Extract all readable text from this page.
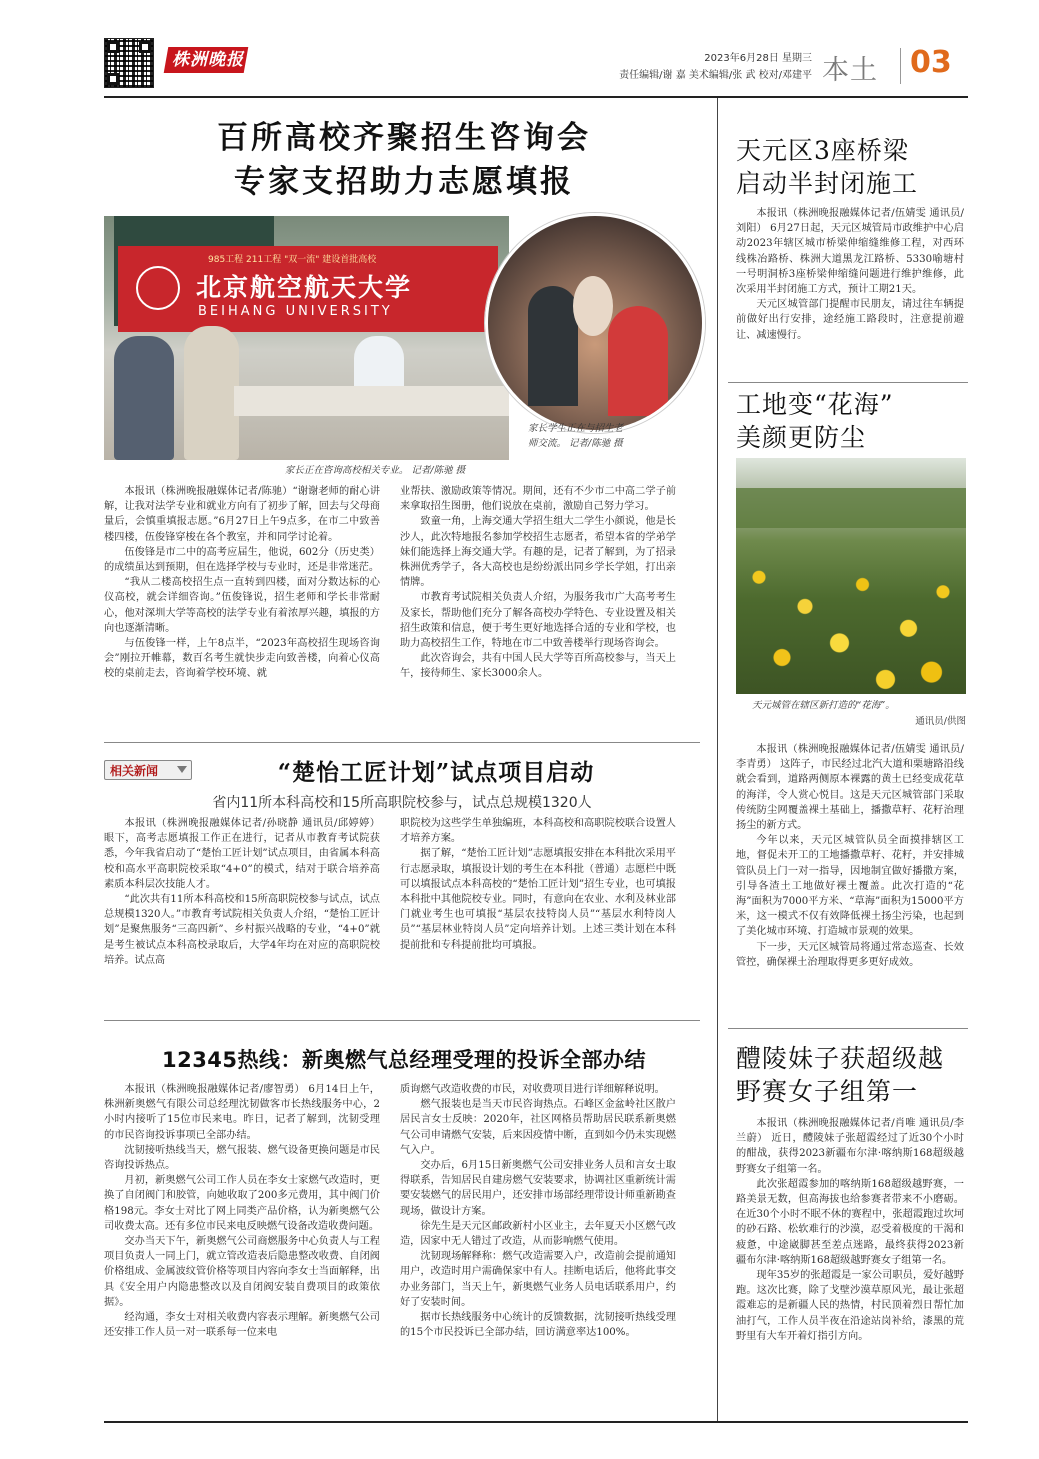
株洲晚报	2023年6月28日 星期三
责任编辑/谢 嘉 美术编辑/张 武 校对/邓建平 本土	03
百所高校齐聚招生咨询会
专家支招助力志愿填报
985工程 211工程 "双一流" 建设首批高校
北京航空航天大学
BEIHANG UNIVERSITY
家长学生正在与招生老
师交流。 记者/陈驰 摄
家长正在咨询高校相关专业。 记者/陈驰 摄

本报讯（株洲晚报融媒体记者/陈驰）“谢谢老师的耐心讲解，让我对法学专业和就业方向有了初步了解，回去与父母商量后，会慎重填报志愿。”6月27日上午9点多，在市二中致善楼四楼，伍俊锋穿梭在各个教室，并和同学讨论着。

伍俊锋是市二中的高考应届生，他说，602分（历史类）的成绩虽达到预期，但在选择学校与专业时，还是非常迷茫。

“我从二楼高校招生点一直转到四楼，面对分数达标的心仪高校，就会详细咨询。”伍俊锋说，招生老师和学长非常耐心，他对深圳大学等高校的法学专业有着浓厚兴趣，填报的方向也逐渐清晰。

与伍俊锋一样，上午8点半，“2023年高校招生现场咨询会”刚拉开帷幕，数百名考生就快步走向致善楼，向着心仪高校的桌前走去，咨询着学校环境、就

业帮扶、激励政策等情况。期间，还有不少市二中高二学子前来拿取招生图册，他们说放在桌前，激励自己努力学习。

致童一角，上海交通大学招生组大二学生小颜说，他是长沙人，此次特地报名参加学校招生志愿者，希望本省的学弟学妹们能选择上海交通大学。有趣的是，记者了解到，为了招录株洲优秀学子，各大高校也是纷纷派出同乡学长学姐，打出亲情牌。

市教育考试院相关负责人介绍，为服务我市广大高考考生及家长，帮助他们充分了解各高校办学特色、专业设置及相关招生政策和信息，便于考生更好地选择合适的专业和学校，也助力高校招生工作，特地在市二中致善楼举行现场咨询会。

此次咨询会，共有中国人民大学等百所高校参与，当天上午，接待师生、家长3000余人。

相关新闻	“楚怡工匠计划”试点项目启动
省内11所本科高校和15所高职院校参与，试点总规模1320人

本报讯（株洲晚报融媒体记者/孙晓静 通讯员/邱婷婷） 眼下，高考志愿填报工作正在进行，记者从市教育考试院获悉，今年我省启动了“楚怡工匠计划”试点项目，由省属本科高校和高水平高职院校采取“4+0”的模式，结对于联合培养高素质本科层次技能人才。

“此次共有11所本科高校和15所高职院校参与试点，试点总规模1320人。”市教育考试院相关负责人介绍，“楚怡工匠计划”是聚焦服务“三高四新”、乡村振兴战略的专业，“4+0”就是考生被试点本科高校录取后，大学4年均在对应的高职院校培养。试点高

职院校为这些学生单独编班，本科高校和高职院校联合设置人才培养方案。

据了解，“楚怡工匠计划”志愿填报安排在本科批次采用平行志愿录取，填报设计划的考生在本科批（普通）志愿栏中既可以填报试点本科高校的“楚怡工匠计划”招生专业，也可填报本科批中其他院校专业。同时，有意向在农业、水利及林业部门就业考生也可填报“基层农技特岗人员”“基层水利特岗人员”“基层林业特岗人员”定向培养计划。上述三类计划在本科提前批和专科提前批均可填报。

12345热线：新奥燃气总经理受理的投诉全部办结

本报讯（株洲晚报融媒体记者/廖智勇） 6月14日上午，株洲新奥燃气有限公司总经理沈韧做客市长热线服务中心，2小时内接听了15位市民来电。昨日，记者了解到，沈韧受理的市民咨询投诉事项已全部办结。

沈韧接听热线当天，燃气报装、燃气设备更换问题是市民咨询投诉热点。

月初，新奥燃气公司工作人员在李女士家燃气改造时，更换了自闭阀门和胶管，向她收取了200多元费用，其中阀门价格198元。李女士对比了网上同类产品价格，认为新奥燃气公司收费太高。还有多位市民来电反映燃气设备改造收费问题。

交办当天下午，新奥燃气公司商燃服务中心负责人与工程项目负责人一同上门，就立管改造表后隐患整改收费、自闭阀价格组成、金属波纹管价格等项目内容向李女士当面解释，出具《安全用户内隐患整改以及自闭阀安装自费项目的政策依据》。

经沟通，李女士对相关收费内容表示理解。新奥燃气公司还安排工作人员一对一联系每一位来电

质询燃气改造收费的市民，对收费项目进行详细解释说明。

燃气报装也是当天市民咨询热点。石峰区金盆岭社区散户居民言女士反映：2020年，社区网格员帮助居民联系新奥燃气公司申请燃气安装，后来因疫情中断，直到如今仍未实现燃气入户。

交办后，6月15日新奥燃气公司安排业务人员和言女士取得联系，告知居民自建房燃气安装要求，协调社区重新统计需要安装燃气的居民用户，还安排市场部经理带设计师重新勘查现场，做设计方案。

徐先生是天元区邮政新村小区业主，去年夏天小区燃气改造，因家中无人错过了改造，从而影响燃气使用。

沈韧现场解释称：燃气改造需要入户，改造前会提前通知用户，改造时用户需确保家中有人。挂断电话后，他将此事交办业务部门，当天上午，新奥燃气业务人员电话联系用户，约好了安装时间。

据市长热线服务中心统计的反馈数据，沈韧接听热线受理的15个市民投诉已全部办结，回访满意率达100%。

天元区3座桥梁
启动半封闭施工

本报讯（株洲晚报融媒体记者/伍婧雯 通讯员/刘阳） 6月27日起，天元区城管局市政维护中心启动2023年辖区城市桥梁伸缩缝维修工程，对西环线株冶路桥、株洲大道黑龙江路桥、5330喻塘村一号明洞桥3座桥梁伸缩缝问题进行维护维修，此次采用半封闭施工方式，预计工期21天。

天元区城管部门提醒市民朋友，请过往车辆提前做好出行安排，途经施工路段时，注意提前避让、减速慢行。

工地变“花海”
美颜更防尘
天元城管在辖区新打造的“花海”。
通讯员/供图

本报讯（株洲晚报融媒体记者/伍婧雯 通讯员/李青勇） 这阵子，市民经过北汽大道和栗塘路沿线就会看到，道路两侧原本裸露的黄土已经变成花草的海洋，令人赏心悦目。这是天元区城管部门采取传统防尘网覆盖裸土基础上，播撒草籽、花籽治理扬尘的新方式。

今年以来，天元区城管队员全面摸排辖区工地，督促未开工的工地播撒草籽、花籽，并安排城管队员上门一对一指导，因地制宜做好播撒方案，引导各渣土工地做好裸土覆盖。此次打造的“花海”面积为7000平方米、“草海”面积为15000平方米，这一模式不仅有效降低裸土扬尘污染，也起到了美化城市环境、打造城市景观的效果。

下一步，天元区城管局将通过常态巡查、长效管控，确保裸土治理取得更多更好成效。

醴陵妹子获超级越
野赛女子组第一

本报讯（株洲晚报融媒体记者/肖唯 通讯员/李兰蔚） 近日，醴陵妹子张超霞经过了近30个小时的酣战，获得2023新疆布尔津·喀纳斯168超级越野赛女子组第一名。

此次张超霞参加的喀纳斯168超级越野赛，一路美景无数，但高海拔也给参赛者带来不小磨砺。在近30个小时不眠不休的赛程中，张超霞跑过坎坷的砂石路、松软难行的沙漠，忍受着极度的干渴和疲惫，中途崴脚甚至差点迷路，最终获得2023新疆布尔津·喀纳斯168超级越野赛女子组第一名。

现年35岁的张超霞是一家公司职员，爱好越野跑。这次比赛，除了戈壁沙漠草原风光，最让张超霞难忘的是新疆人民的热情，村民顶着烈日帮忙加油打气，工作人员半夜在沿途站岗补给，漆黑的荒野里有大车开着灯指引方向。
